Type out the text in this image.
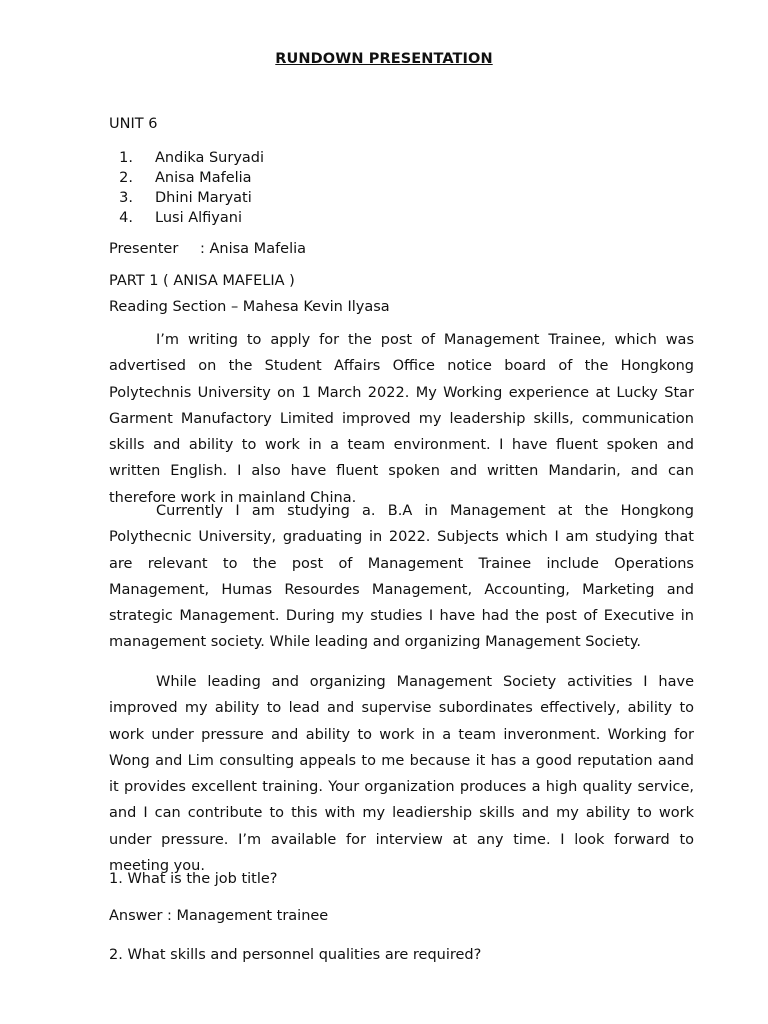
RUNDOWN PRESENTATION
UNIT 6
1. Andika Suryadi
2. Anisa Mafelia
3. Dhini Maryati
4. Lusi Alfiyani
Presenter : Anisa Mafelia
PART 1 ( ANISA MAFELIA )
Reading Section – Mahesa Kevin Ilyasa

I’m writing to apply for the post of Management Trainee, which was advertised on the Student Affairs Office notice board of the Hongkong Polytechnis University on 1 March 2022. My Working experience at Lucky Star Garment Manufactory Limited improved my leadership skills, communication skills and ability to work in a team environment. I have fluent spoken and written English. I also have fluent spoken and written Mandarin, and can therefore work in mainland China.

Currently I am studying a. B.A in Management at the Hongkong Polythecnic University, graduating in 2022. Subjects which I am studying that are relevant to the post of Management Trainee include Operations Management, Humas Resourdes Management, Accounting, Marketing and strategic Management. During my studies I have had the post of Executive in management society. While leading and organizing Management Society.

While leading and organizing Management Society activities I have improved my ability to lead and supervise subordinates effectively, ability to work under pressure and ability to work in a team inveronment. Working for Wong and Lim consulting appeals to me because it has a good reputation aand it provides excellent training. Your organization produces a high quality service, and I can contribute to this with my leadiership skills and my ability to work under pressure. I’m available for interview at any time. I look forward to meeting you.

1. What is the job title?
Answer : Management trainee
2. What skills and personnel qualities are required?
